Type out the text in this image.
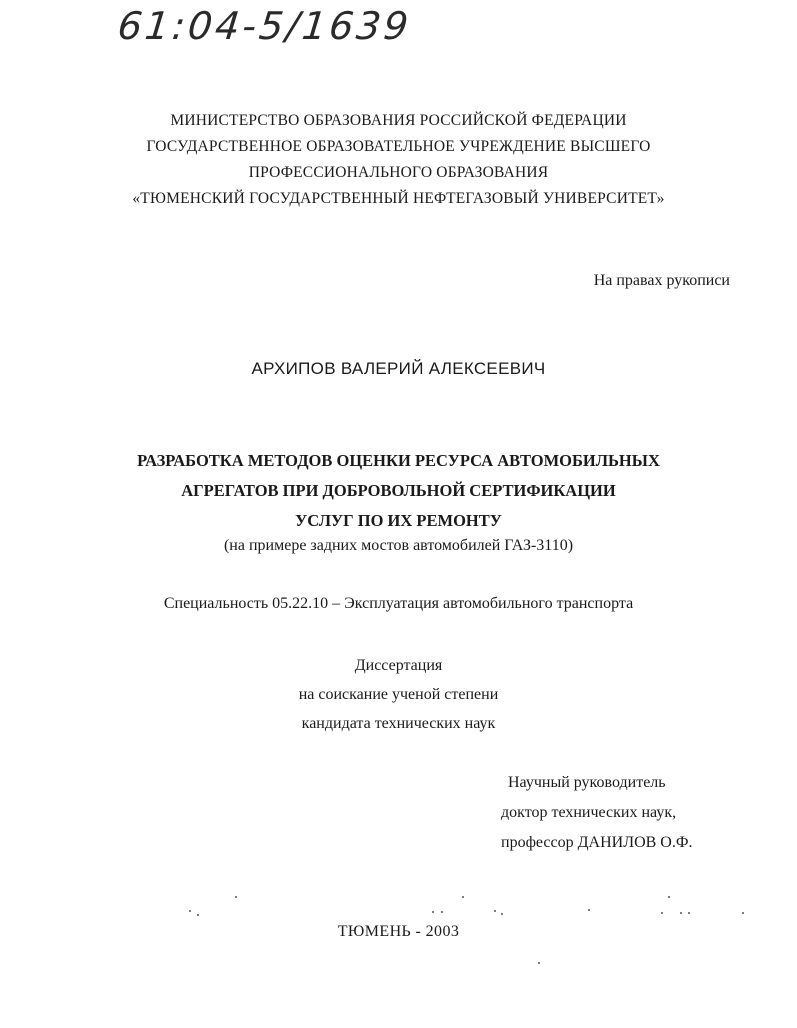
61:04-5/1639
МИНИСТЕРСТВО ОБРАЗОВАНИЯ РОССИЙСКОЙ ФЕДЕРАЦИИ
ГОСУДАРСТВЕННОЕ ОБРАЗОВАТЕЛЬНОЕ УЧРЕЖДЕНИЕ ВЫСШЕГО
ПРОФЕССИОНАЛЬНОГО ОБРАЗОВАНИЯ
«ТЮМЕНСКИЙ ГОСУДАРСТВЕННЫЙ НЕФТЕГАЗОВЫЙ УНИВЕРСИТЕТ»
На правах рукописи
АРХИПОВ ВАЛЕРИЙ АЛЕКСЕЕВИЧ
РАЗРАБОТКА МЕТОДОВ ОЦЕНКИ РЕСУРСА АВТОМОБИЛЬНЫХ
АГРЕГАТОВ ПРИ ДОБРОВОЛЬНОЙ СЕРТИФИКАЦИИ
УСЛУГ ПО ИХ РЕМОНТУ
(на примере задних мостов автомобилей ГАЗ-3110)
Специальность 05.22.10 – Эксплуатация автомобильного транспорта
Диссертация
на соискание ученой степени
кандидата технических наук
Научный руководитель
доктор технических наук,
профессор ДАНИЛОВ О.Ф.
ТЮМЕНЬ - 2003
